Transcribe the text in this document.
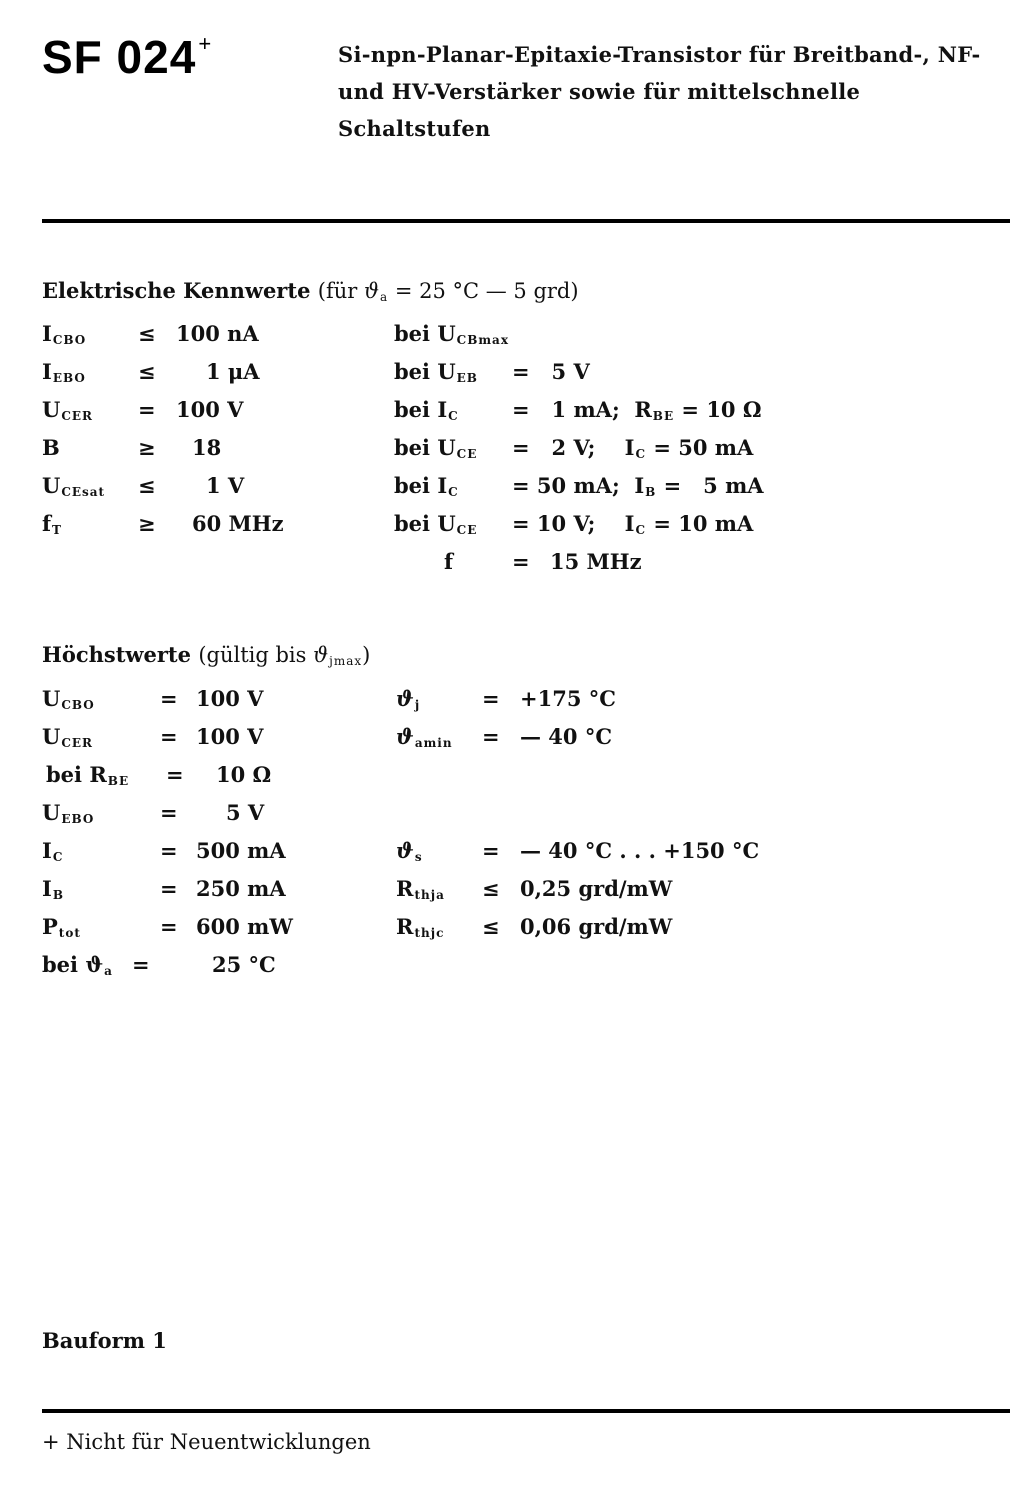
SF 024+	Si-npn-Planar-Epitaxie-Transistor für Breitband-, NF- und HV-Verstärker sowie für mittelschnelle Schaltstufen
Elektrische Kennwerte (für $ϑ_a = 25$ °C — 5 grd)
$I_{CBO} \le 100$ nA	bei $U_{CBmax}$
$I_{EBO} \le 1$ μA	bei $U_{EB} = 5$ V
$U_{CER} = 100$ V	bei $I_C$	=   1 mA;  $R_{BE} = 10$ Ω
B	≥ 18	bei $U_{CE} = 2$ V;    $I_C = 50$ mA
$U_{CEsat} \le 1$ V	bei $I_C$	= 50 mA;  $I_B = 5$ mA
$f_T$	≥ 60 MHz	bei $U_{CE} = 10$ V;    $I_C = 10$ mA
f	= 15 MHz
Höchstwerte (gültig bis $ϑ_{jmax}$)
$U_{CBO}$	= 100 V	$ϑ_j$	= +175 °C
$U_{CER}$	= 100 V	$ϑ_{amin}$ = — 40 °C
bei $R_{BE} = 10$ Ω
$U_{EBO}$	= 5 V
$I_C$	= 500 mA	$ϑ_s$	= — 40 °C . . . +150 °C
$I_B$	= 250 mA	$R_{thja} \le 0,25$ grd/mW
$P_{tot}$	= 600 mW	$R_{thjc} \le 0,06$ grd/mW
bei $ϑ_a$ =	25 °C
Bauform 1
+ Nicht für Neuentwicklungen
